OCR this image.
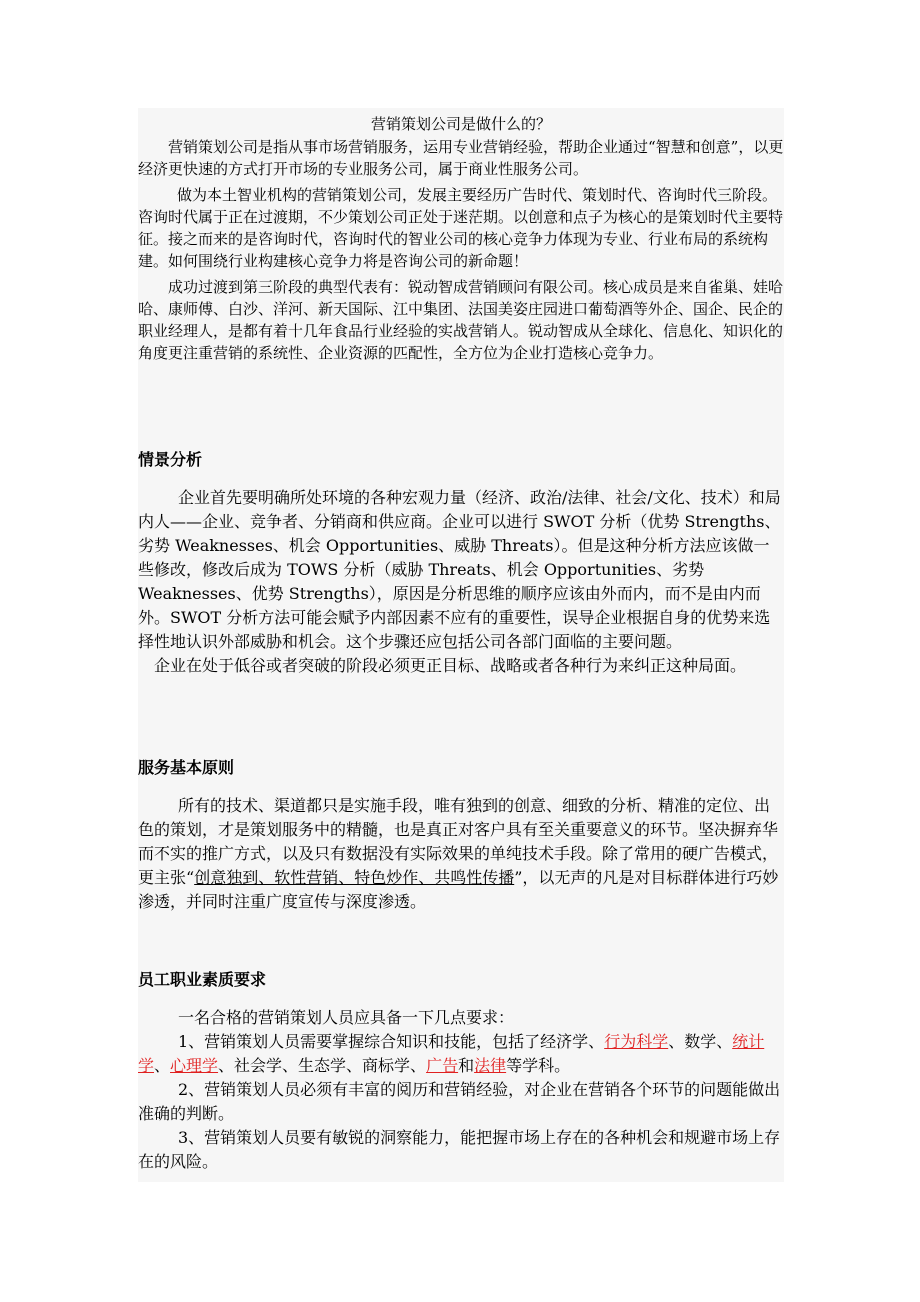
营销策划公司是做什么的？

营销策划公司是指从事市场营销服务，运用专业营销经验，帮助企业通过“智慧和创意”，以更经济更快速的方式打开市场的专业服务公司，属于商业性服务公司。

做为本土智业机构的营销策划公司，发展主要经历广告时代、策划时代、咨询时代三阶段。咨询时代属于正在过渡期，不少策划公司正处于迷茫期。以创意和点子为核心的是策划时代主要特征。接之而来的是咨询时代，咨询时代的智业公司的核心竞争力体现为专业、行业布局的系统构建。如何围绕行业构建核心竞争力将是咨询公司的新命题！

成功过渡到第三阶段的典型代表有：锐动智成营销顾问有限公司。核心成员是来自雀巢、娃哈哈、康师傅、白沙、洋河、新天国际、江中集团、法国美姿庄园进口葡萄酒等外企、国企、民企的职业经理人，是都有着十几年食品行业经验的实战营销人。锐动智成从全球化、信息化、知识化的角度更注重营销的系统性、企业资源的匹配性，全方位为企业打造核心竞争力。

情景分析

企业首先要明确所处环境的各种宏观力量（经济、政治/法律、社会/文化、技术）和局内人——企业、竞争者、分销商和供应商。企业可以进行 SWOT 分析（优势 Strengths、劣势 Weaknesses、机会 Opportunities、威胁 Threats）。但是这种分析方法应该做一些修改，修改后成为 TOWS 分析（威胁 Threats、机会 Opportunities、劣势 Weaknesses、优势 Strengths），原因是分析思维的顺序应该由外而内，而不是由内而外。SWOT 分析方法可能会赋予内部因素不应有的重要性，误导企业根据自身的优势来选择性地认识外部威胁和机会。这个步骤还应包括公司各部门面临的主要问题。

企业在处于低谷或者突破的阶段必须更正目标、战略或者各种行为来纠正这种局面。

服务基本原则

所有的技术、渠道都只是实施手段，唯有独到的创意、细致的分析、精准的定位、出色的策划，才是策划服务中的精髓，也是真正对客户具有至关重要意义的环节。坚决摒弃华而不实的推广方式，以及只有数据没有实际效果的单纯技术手段。除了常用的硬广告模式，更主张“创意独到、软性营销、特色炒作、共鸣性传播”，以无声的凡是对目标群体进行巧妙渗透，并同时注重广度宣传与深度渗透。

员工职业素质要求

一名合格的营销策划人员应具备一下几点要求：

1、营销策划人员需要掌握综合知识和技能，包括了经济学、行为科学、数学、统计学、心理学、社会学、生态学、商标学、广告和法律等学科。

2、营销策划人员必须有丰富的阅历和营销经验，对企业在营销各个环节的问题能做出准确的判断。

3、营销策划人员要有敏锐的洞察能力，能把握市场上存在的各种机会和规避市场上存在的风险。
